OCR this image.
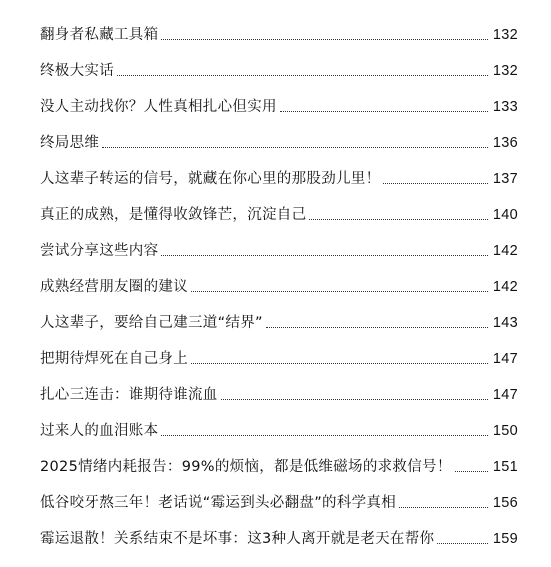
翻身者私藏工具箱	132
终极大实话	132
没人主动找你？人性真相扎心但实用	133
终局思维	136
人这辈子转运的信号，就藏在你心里的那股劲儿里！	137
真正的成熟，是懂得收敛锋芒，沉淀自己	140
尝试分享这些内容	142
成熟经营朋友圈的建议	142
人这辈子，要给自己建三道“结界”	143
把期待焊死在自己身上	147
扎心三连击：谁期待谁流血	147
过来人的血泪账本	150
2025情绪内耗报告：99%的烦恼，都是低维磁场的求救信号！	151
低谷咬牙熬三年！老话说“霉运到头必翻盘”的科学真相	156
霉运退散！关系结束不是坏事：这3种人离开就是老天在帮你	159
